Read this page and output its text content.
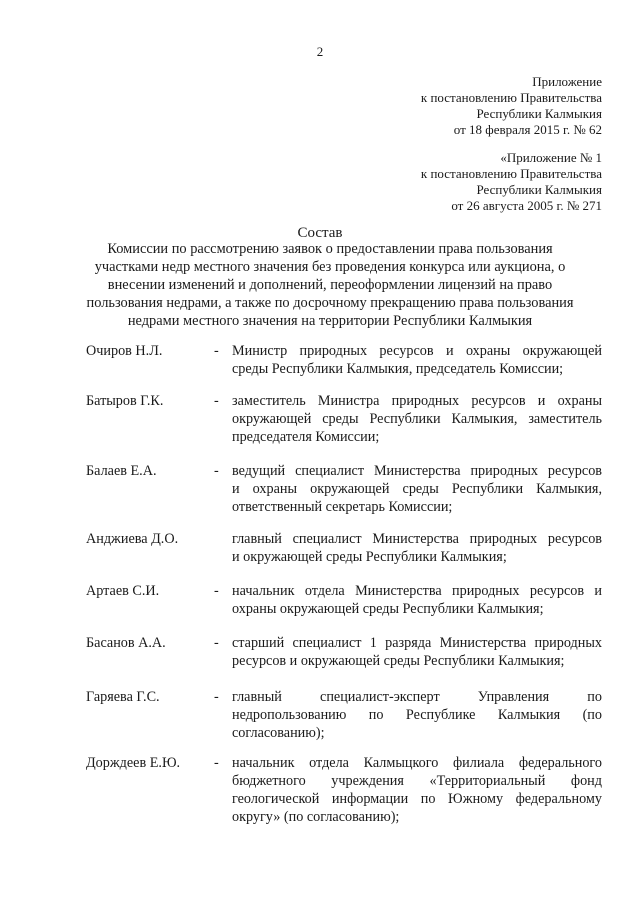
2
Приложение
к постановлению Правительства
Республики Калмыкия
от 18 февраля 2015 г. № 62
«Приложение № 1
к постановлению Правительства
Республики Калмыкия
от 26 августа 2005 г. № 271
Состав
Комиссии по рассмотрению заявок о предоставлении права пользования
участками недр местного значения без проведения конкурса или аукциона, о
внесении изменений и дополнений, переоформлении лицензий на право
пользования недрами, а также по досрочному прекращению права пользования
недрами местного значения на территории Республики Калмыкия
Очиров Н.Л.	- Министр природных ресурсов и охраны окружающей
среды Республики Калмыкия, председатель Комиссии;
Батыров Г.К.	- заместитель Министра природных ресурсов и охраны
окружающей среды Республики Калмыкия, заместитель
председателя Комиссии;
Балаев Е.А.	- ведущий специалист Министерства природных ресурсов
и охраны окружающей среды Республики Калмыкия,
ответственный секретарь Комиссии;
Анджиева Д.О.	главный специалист Министерства природных ресурсов
и окружающей среды Республики Калмыкия;
Артаев С.И.	- начальник отдела Министерства природных ресурсов и
охраны окружающей среды Республики Калмыкия;
Басанов А.А.	- старший специалист 1 разряда Министерства природных
ресурсов и окружающей среды Республики Калмыкия;
Гаряева Г.С.	- главный специалист-эксперт Управления по
недропользованию по Республике Калмыкия (по
согласованию);
Дорждеев Е.Ю. - начальник отдела Калмыцкого филиала федерального
бюджетного учреждения «Территориальный фонд
геологической информации по Южному федеральному
округу» (по согласованию);
